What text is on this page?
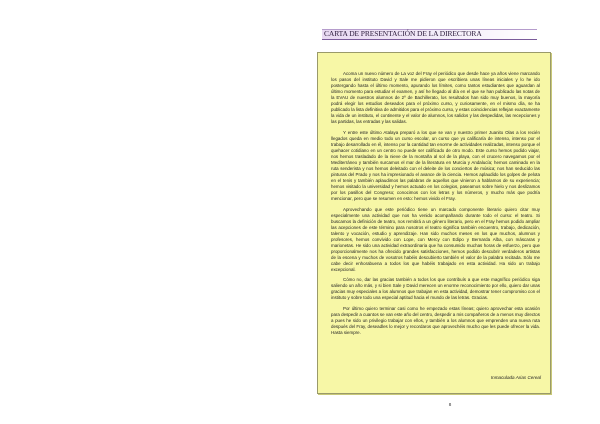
CARTA DE PRESENTACIÓN DE LA DIRECTORA

Acoma un nuevo número de La voz del Fray el periódico que desde hace ya años viene marcando los pasos del instituto David y Sale me pidieron que escribiera unas líneas iniciales y lo he ido postergando hasta el último momento, apurando los límites, como tantos estudiantes que aguardan al último momento para estudiar el examen, y así he llegado al día en el que se han publicado las notas de la EVAU de nuestros alumnos de 2º de Bachillerato, los resultados han sido muy buenos, la mayoría podrá elegir los estudios deseados para el próximo curso, y curiosamente, en el mismo día, se ha publicado la lista definitiva de admitidos para el próximo curso, y estas coincidencias reflejan exactamente la vida de un instituto, el continente y el valor de alumnos, los salidos y las despedidas, las recepciones y las partidas, las entradas y las salidas.

Y entre este último Atalaya preparó a los que se van y nuestro primer Juanito Olas a los recién llegados queda en medio todo un curso escolar, un curso que yo calificaría de intenso, intenso por el trabajo desarrollado en él, intenso por la cantidad tan enorme de actividades realizadas, intenso porque el quehacer cotidiano en un centro no puede ser calificado de otro modo. Este curso hemos podido viajar, nos hemos trasladado de la nieve de la montaña al sol de la playa, con el crucero navegamos por el Mediterráneo y también surcamos el mar de la literatura en Murcia y Andalucía; hemos caminado en la ruta senderista y nos hemos deleitado con el deleite de los conciertos de música; nos han seducido las pinturas del Prado y nos ha impresionado el avance de la ciencia. Hemos aplaudido los golpes de pelota en el tenis y también aplaudimos las palabras de aquellos que vinieron a hablarnos de su experiencia; hemos visitado la universidad y hemos actuado en los colegios, paseamos sobre hielo y nos deslizamos por los pasillos del Congreso; conocimos con los letras y los números, y mucho más que podría mencionar, pero que se resumen en esto: hemos vivido el Fray.

Aprovechando que este periódico tiene un marcado componente literario quiero citar muy especialmente una actividad que nos ha venido acompañando durante todo el curso: el teatro. Si buscamos la definición de teatro, nos remitirá a un género literario, pero en el Fray hemos podido ampliar las acepciones de este término para nosotros el teatro significa también encuentro, trabajo, dedicación, talento y vocación, estudio y aprendizaje. Han sido muchos meses en los que muchos, alumnos y profesores, hemos convivido con Lope, con Mercy con Edipo y Bernarda Alba, con máscaras y marionetas. He sido una actividad extraordinaria que ha consumido muchas horas de esfuerzo, pero que proporcionalmente nos ha ofrecido grandes satisfacciones, hemos podido descubrir verdaderos artistas de la escena y muchos de vosotros habéis descubierto también el valor de la palabra recitada. Sólo me cabe decir enhorabuena a todos los que habéis trabajado en esta actividad. Ha sido un trabajo excepcional.

Cómo no, dar las gracias también a todos los que contribuís a que este magnífico periódico siga saliendo un año más, y si bien Sale y David merecen un enorme reconocimiento por ello, quiero dar unas gracias muy especiales a los alumnos que trabajan en esta actividad, demostrar tener compromiso con el instituto y sobre todo una especial aptitud hacia el mundo de las letras. Gracias.

Por último quiero terminar casi como he empezado estas líneas; quiero aprovechar esta ocasión para despedir a cuantos se van este año del centro, despedir a mis compañeros de a menos muy directos a pues he sido un privilegio trabajar con ellos, y también a los alumnos que emprenden una nueva ruta después del Fray, deseadles lo mejor y recordaros que aprovechéis mucho que les puede ofrecer la vida. Hasta siempre.

Inmaculada Arias Cereal
8
